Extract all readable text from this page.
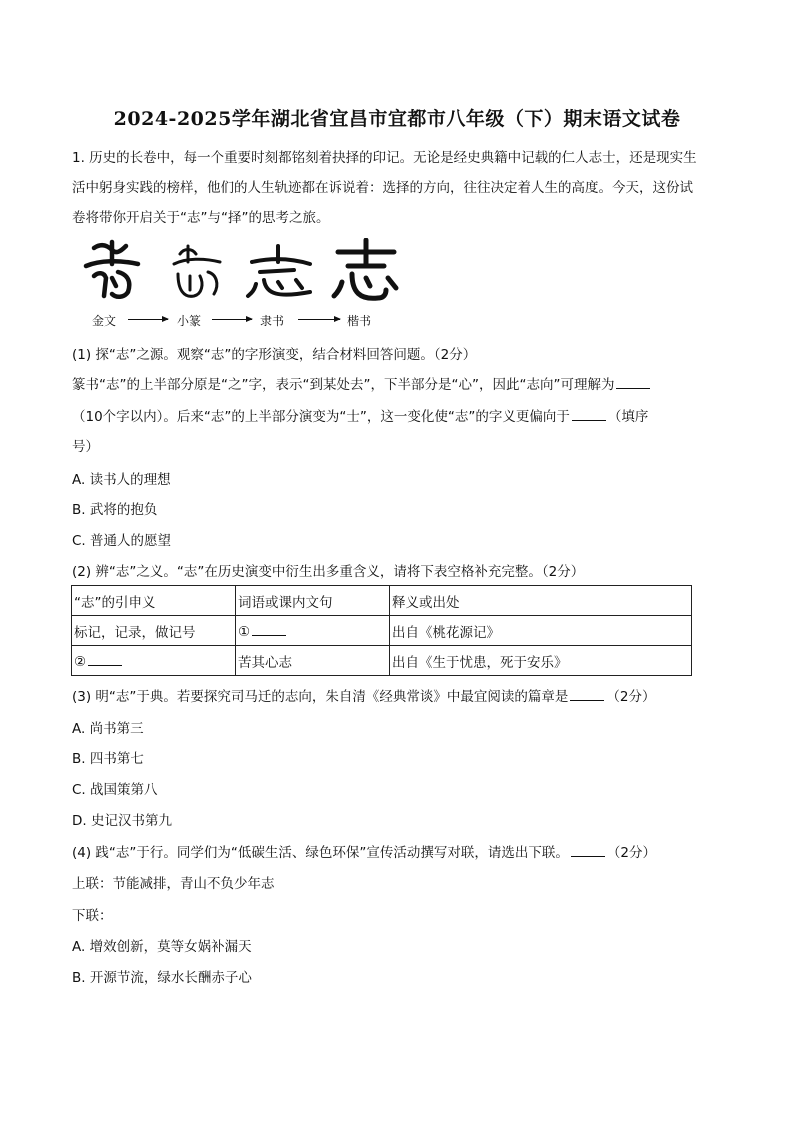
2024-2025学年湖北省宜昌市宜都市八年级（下）期末语文试卷
1. 历史的长卷中，每一个重要时刻都铭刻着抉择的印记。无论是经史典籍中记载的仁人志士，还是现实生
活中躬身实践的榜样，他们的人生轨迹都在诉说着：选择的方向，往往决定着人生的高度。今天，这份试
卷将带你开启关于“志”与“择”的思考之旅。
金文	小篆	隶书	楷书
(1) 探“志”之源。观察“志”的字形演变，结合材料回答问题。（2分）
篆书“志”的上半部分原是“之”字，表示“到某处去”，下半部分是“心”，因此“志向”可理解为
（10个字以内）。后来“志”的上半部分演变为“士”，这一变化使“志”的字义更偏向于	（填序
号）
A. 读书人的理想
B. 武将的抱负
C. 普通人的愿望
(2) 辨“志”之义。“志”在历史演变中衍生出多重含义，请将下表空格补充完整。（2分）
“志”的引申义	词语或课内文句	释义或出处
标记，记录，做记号	①	出自《桃花源记》
②	苦其心志	出自《生于忧患，死于安乐》
(3) 明“志”于典。若要探究司马迁的志向，朱自清《经典常谈》中最宜阅读的篇章是	（2分）
A. 尚书第三
B. 四书第七
C. 战国策第八
D. 史记汉书第九
(4) 践“志”于行。同学们为“低碳生活、绿色环保”宣传活动撰写对联，请选出下联。	（2分）
上联：节能减排，青山不负少年志
下联：
A. 增效创新，莫等女娲补漏天
B. 开源节流，绿水长酬赤子心
